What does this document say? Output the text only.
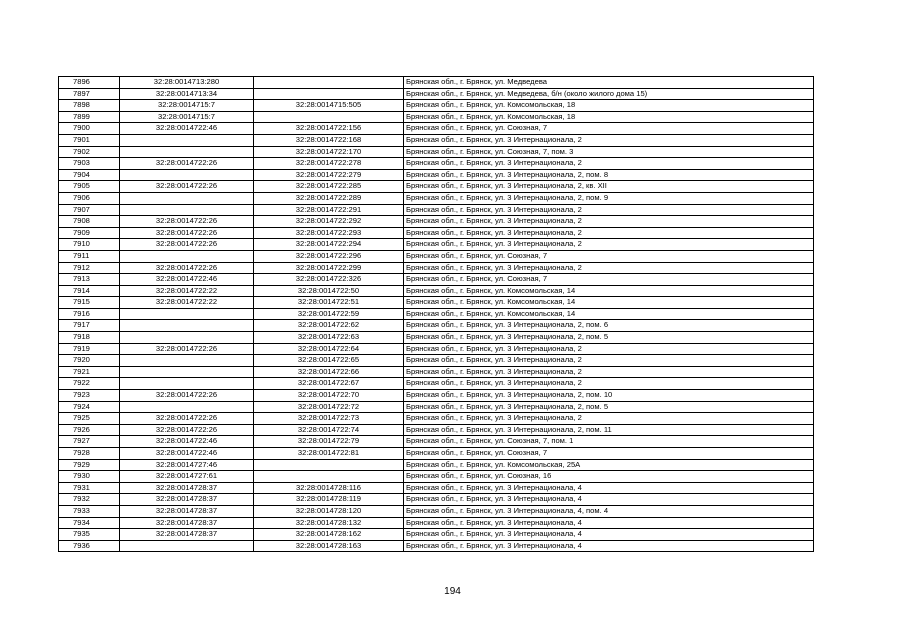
7896	32:28:0014713:280		Брянская обл., г. Брянск, ул. Медведева
7897	32:28:0014713:34		Брянская обл., г. Брянск, ул. Медведева, б/н (около жилого дома 15)
7898	32:28:0014715:7	32:28:0014715:505	Брянская обл., г. Брянск, ул. Комсомольская, 18
7899	32:28:0014715:7		Брянская обл., г. Брянск, ул. Комсомольская, 18
7900	32:28:0014722:46	32:28:0014722:156	Брянская обл., г. Брянск, ул. Союзная, 7
7901		32:28:0014722:168	Брянская обл., г. Брянск, ул. 3 Интернационала, 2
7902		32:28:0014722:170	Брянская обл., г. Брянск, ул. Союзная, 7, пом. 3
7903	32:28:0014722:26	32:28:0014722:278	Брянская обл., г. Брянск, ул. 3 Интернационала, 2
7904		32:28:0014722:279	Брянская обл., г. Брянск, ул. 3 Интернационала, 2, пом. 8
7905	32:28:0014722:26	32:28:0014722:285	Брянская обл., г. Брянск, ул. 3 Интернационала, 2, кв. XII
7906		32:28:0014722:289	Брянская обл., г. Брянск, ул. 3 Интернационала, 2, пом. 9
7907		32:28:0014722:291	Брянская обл., г. Брянск, ул. 3 Интернационала, 2
7908	32:28:0014722:26	32:28:0014722:292	Брянская обл., г. Брянск, ул. 3 Интернационала, 2
7909	32:28:0014722:26	32:28:0014722:293	Брянская обл., г. Брянск, ул. 3 Интернационала, 2
7910	32:28:0014722:26	32:28:0014722:294	Брянская обл., г. Брянск, ул. 3 Интернационала, 2
7911		32:28:0014722:296	Брянская обл., г. Брянск, ул. Союзная, 7
7912	32:28:0014722:26	32:28:0014722:299	Брянская обл., г. Брянск, ул. 3 Интернационала, 2
7913	32:28:0014722:46	32:28:0014722:326	Брянская обл., г. Брянск, ул. Союзная, 7
7914	32:28:0014722:22	32:28:0014722:50	Брянская обл., г. Брянск, ул. Комсомольская, 14
7915	32:28:0014722:22	32:28:0014722:51	Брянская обл., г. Брянск, ул. Комсомольская, 14
7916		32:28:0014722:59	Брянская обл., г. Брянск, ул. Комсомольская, 14
7917		32:28:0014722:62	Брянская обл., г. Брянск, ул. 3 Интернационала, 2, пом. 6
7918		32:28:0014722:63	Брянская обл., г. Брянск, ул. 3 Интернационала, 2, пом. 5
7919	32:28:0014722:26	32:28:0014722:64	Брянская обл., г. Брянск, ул. 3 Интернационала, 2
7920		32:28:0014722:65	Брянская обл., г. Брянск, ул. 3 Интернационала, 2
7921		32:28:0014722:66	Брянская обл., г. Брянск, ул. 3 Интернационала, 2
7922		32:28:0014722:67	Брянская обл., г. Брянск, ул. 3 Интернационала, 2
7923	32:28:0014722:26	32:28:0014722:70	Брянская обл., г. Брянск, ул. 3 Интернационала, 2, пом. 10
7924		32:28:0014722:72	Брянская обл., г. Брянск, ул. 3 Интернационала, 2, пом. 5
7925	32:28:0014722:26	32:28:0014722:73	Брянская обл., г. Брянск, ул. 3 Интернационала, 2
7926	32:28:0014722:26	32:28:0014722:74	Брянская обл., г. Брянск, ул. 3 Интернационала, 2, пом. 11
7927	32:28:0014722:46	32:28:0014722:79	Брянская обл., г. Брянск, ул. Союзная, 7, пом. 1
7928	32:28:0014722:46	32:28:0014722:81	Брянская обл., г. Брянск, ул. Союзная, 7
7929	32:28:0014727:46		Брянская обл., г. Брянск, ул. Комсомольская, 25А
7930	32:28:0014727:61		Брянская обл., г. Брянск, ул. Союзная, 16
7931	32:28:0014728:37	32:28:0014728:116	Брянская обл., г. Брянск, ул. 3 Интернационала, 4
7932	32:28:0014728:37	32:28:0014728:119	Брянская обл., г. Брянск, ул. 3 Интернационала, 4
7933	32:28:0014728:37	32:28:0014728:120	Брянская обл., г. Брянск, ул. 3 Интернационала, 4, пом. 4
7934	32:28:0014728:37	32:28:0014728:132	Брянская обл., г. Брянск, ул. 3 Интернационала, 4
7935	32:28:0014728:37	32:28:0014728:162	Брянская обл., г. Брянск, ул. 3 Интернационала, 4
7936		32:28:0014728:163	Брянская обл., г. Брянск, ул. 3 Интернационала, 4
194
